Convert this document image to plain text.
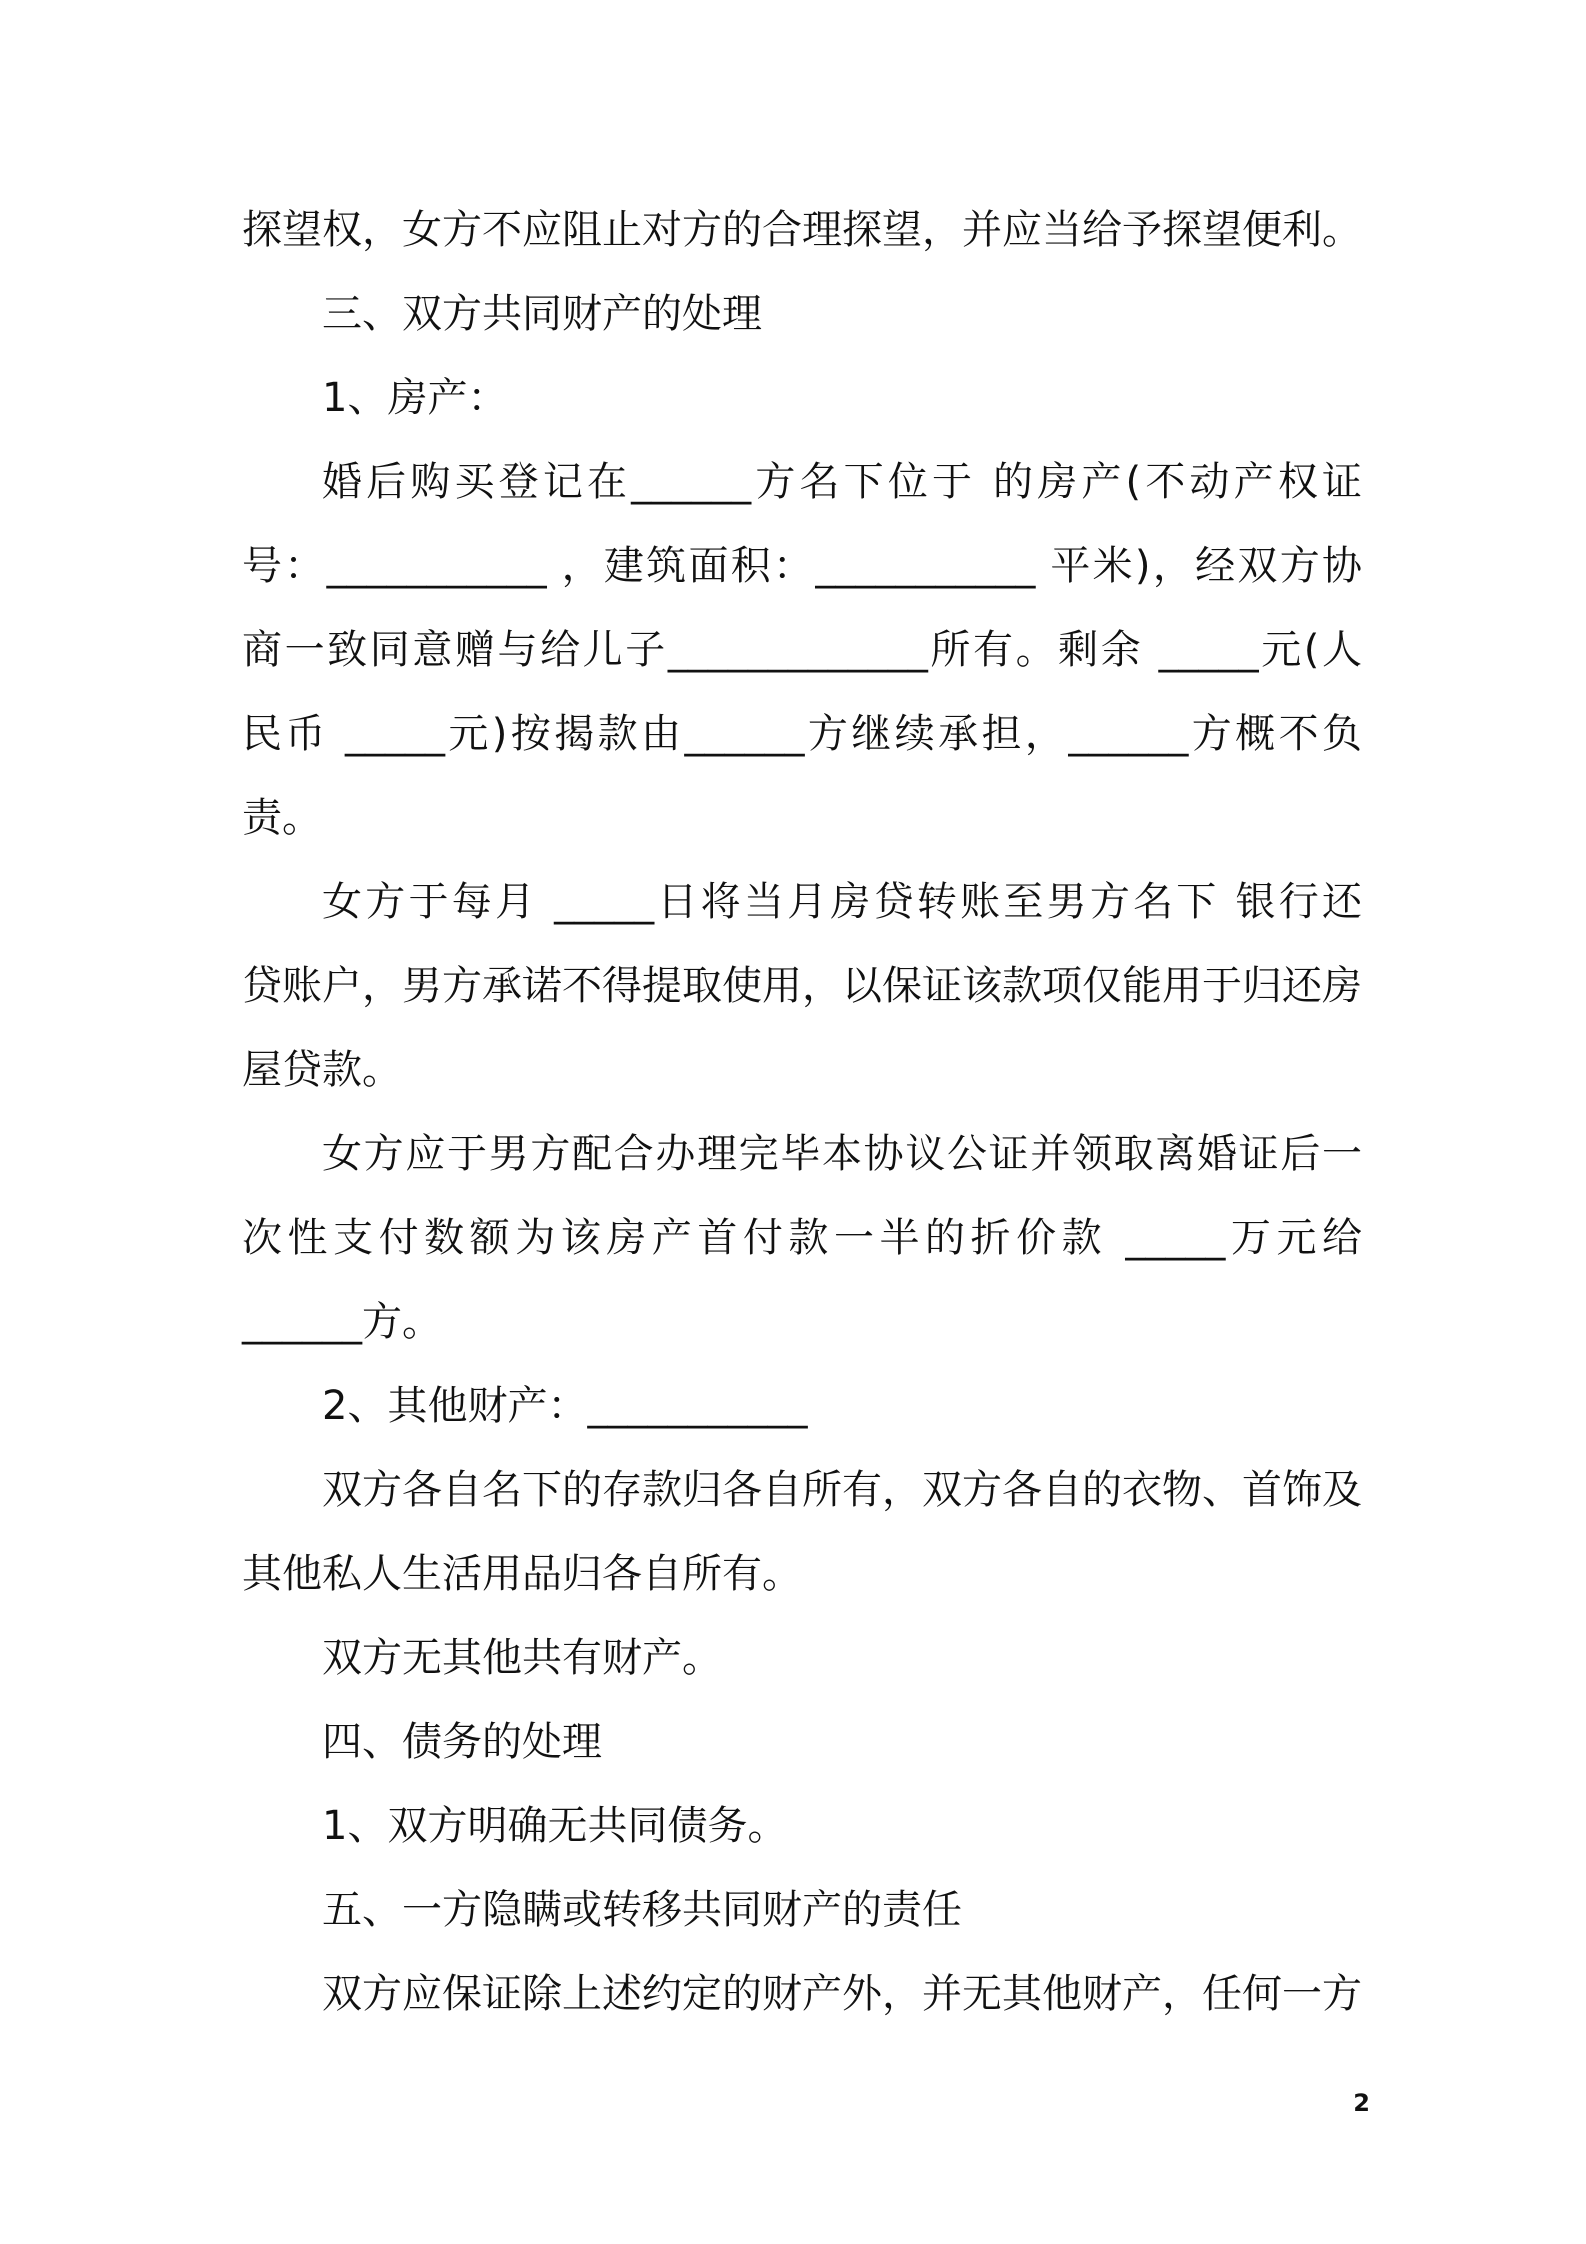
探望权，女方不应阻止对方的合理探望，并应当给予探望便利。
三、双方共同财产的处理
1、房产：
婚后购买登记在______方名下位于 的房产(不动产权证
号：___________ ，建筑面积：___________ 平米)，经双方协
商一致同意赠与给儿子_____________所有。剩余 _____元(人
民币 _____元)按揭款由______方继续承担，______方概不负
责。
女方于每月 _____日将当月房贷转账至男方名下 银行还
贷账户，男方承诺不得提取使用，以保证该款项仅能用于归还房
屋贷款。
女方应于男方配合办理完毕本协议公证并领取离婚证后一
次性支付数额为该房产首付款一半的折价款 _____万元给
______方。
2、其他财产：___________
双方各自名下的存款归各自所有，双方各自的衣物、首饰及
其他私人生活用品归各自所有。
双方无其他共有财产。
四、债务的处理
1、双方明确无共同债务。
五、一方隐瞒或转移共同财产的责任
双方应保证除上述约定的财产外，并无其他财产，任何一方
2
